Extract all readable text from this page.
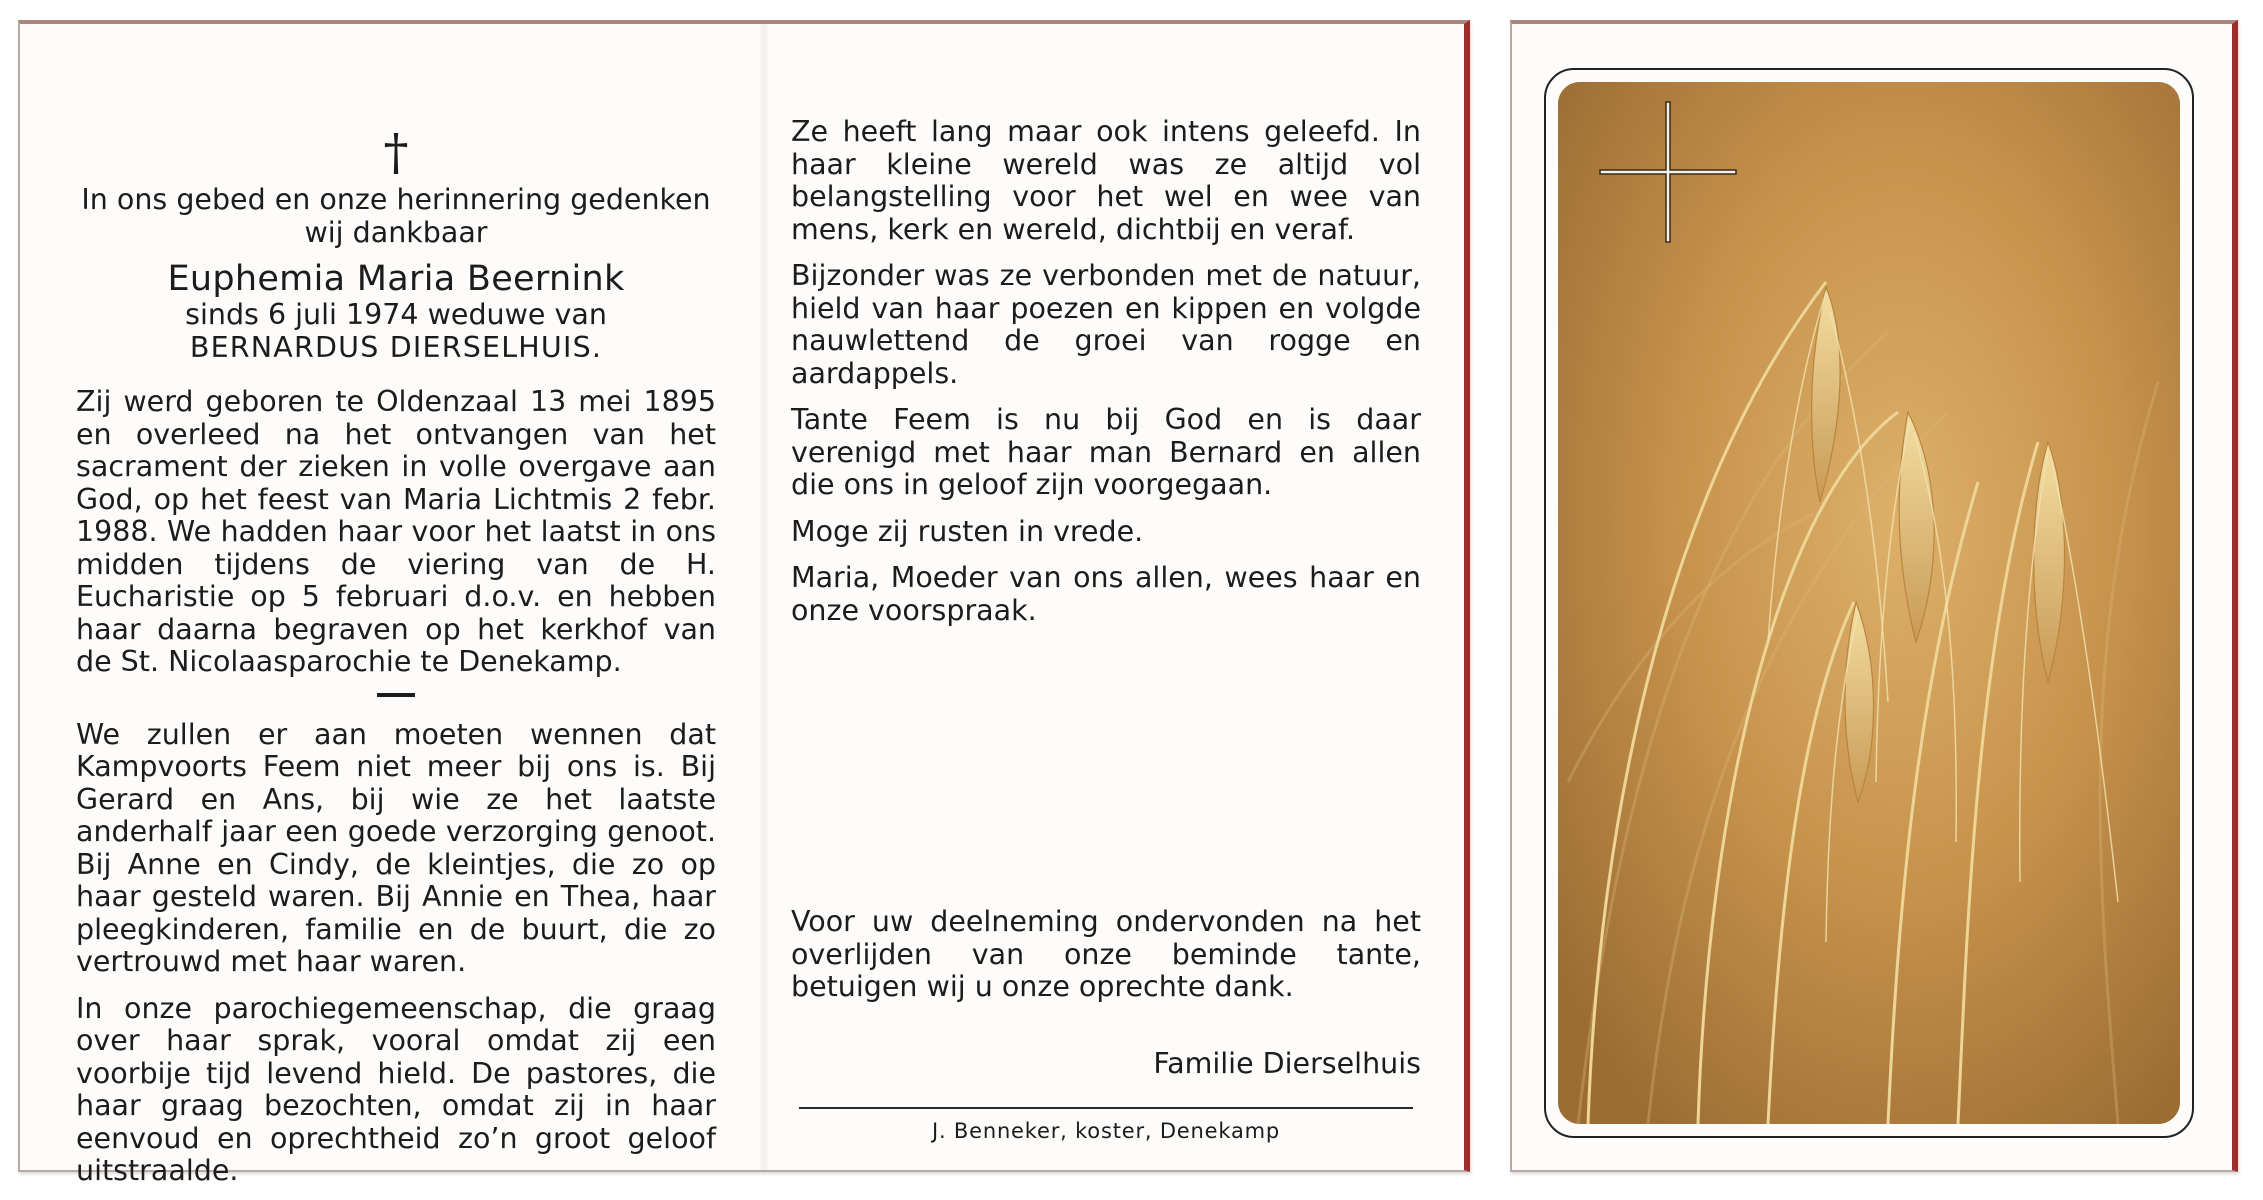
†

In ons gebed en onze herinnering gedenken

wij dankbaar

Euphemia Maria Beernink

sinds 6 juli 1974 weduwe van

BERNARDUS DIERSELHUIS.

Zij werd geboren te Oldenzaal 13 mei 1895 en overleed na het ontvangen van het sacrament der zieken in volle overgave aan God, op het feest van Maria Lichtmis 2 febr. 1988. We hadden haar voor het laatst in ons midden tijdens de viering van de H. Eucharistie op 5 februari d.o.v. en hebben haar daarna begraven op het kerkhof van de St. Nicolaasparochie te Denekamp.

We zullen er aan moeten wennen dat Kampvoorts Feem niet meer bij ons is. Bij Gerard en Ans, bij wie ze het laatste anderhalf jaar een goede verzorging genoot. Bij Anne en Cindy, de kleintjes, die zo op haar gesteld waren. Bij Annie en Thea, haar pleegkinderen, familie en de buurt, die zo vertrouwd met haar waren.

In onze parochiegemeenschap, die graag over haar sprak, vooral omdat zij een voorbije tijd levend hield. De pastores, die haar graag bezochten, omdat zij in haar eenvoud en oprechtheid zo’n groot geloof uitstraalde.

Ze heeft lang maar ook intens geleefd. In haar kleine wereld was ze altijd vol belangstelling voor het wel en wee van mens, kerk en wereld, dichtbij en veraf.

Bijzonder was ze verbonden met de natuur, hield van haar poezen en kippen en volgde nauwlettend de groei van rogge en aardappels.

Tante Feem is nu bij God en is daar verenigd met haar man Bernard en allen die ons in geloof zijn voorgegaan.

Moge zij rusten in vrede.

Maria, Moeder van ons allen, wees haar en onze voorspraak.

Voor uw deelneming ondervonden na het overlijden van onze beminde tante, betuigen wij u onze oprechte dank.

Familie Dierselhuis

J. Benneker, koster, Denekamp
